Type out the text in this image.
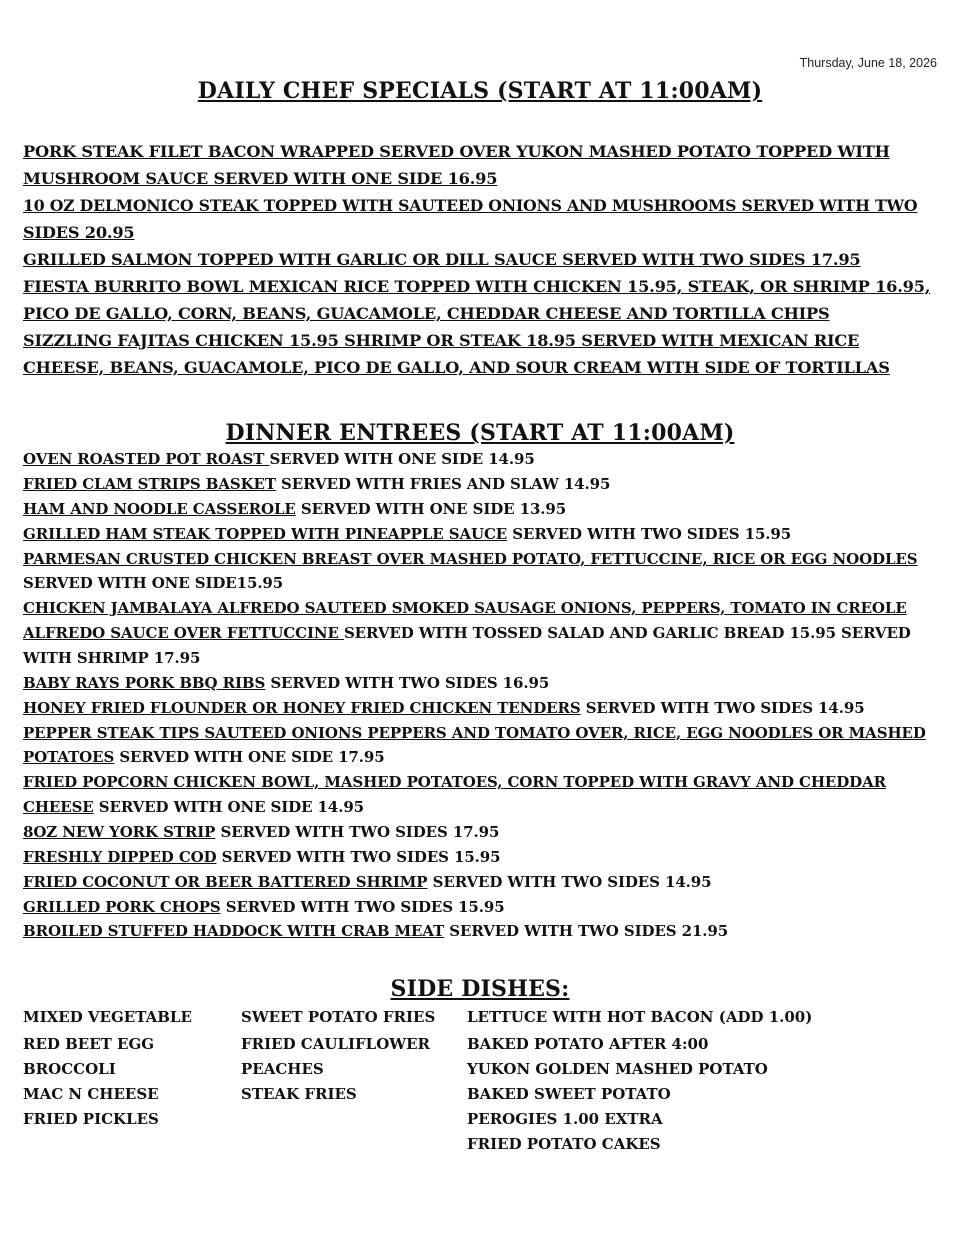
Thursday, June 18, 2026
DAILY CHEF SPECIALS (START AT 11:00AM)
PORK STEAK FILET BACON WRAPPED SERVED OVER YUKON MASHED POTATO TOPPED WITH
MUSHROOM SAUCE SERVED WITH ONE SIDE 16.95
10 OZ DELMONICO STEAK TOPPED WITH SAUTEED ONIONS AND MUSHROOMS SERVED WITH TWO
SIDES 20.95
GRILLED SALMON TOPPED WITH GARLIC OR DILL SAUCE SERVED WITH TWO SIDES 17.95
FIESTA BURRITO BOWL MEXICAN RICE TOPPED WITH CHICKEN 15.95, STEAK, OR SHRIMP 16.95,
PICO DE GALLO, CORN, BEANS, GUACAMOLE, CHEDDAR CHEESE AND TORTILLA CHIPS
SIZZLING FAJITAS CHICKEN 15.95 SHRIMP OR STEAK 18.95 SERVED WITH MEXICAN RICE
CHEESE, BEANS, GUACAMOLE, PICO DE GALLO, AND SOUR CREAM WITH SIDE OF TORTILLAS
DINNER ENTREES (START AT 11:00AM)
OVEN ROASTED POT ROAST SERVED WITH ONE SIDE 14.95
FRIED CLAM STRIPS BASKET SERVED WITH FRIES AND SLAW 14.95
HAM AND NOODLE CASSEROLE SERVED WITH ONE SIDE 13.95
GRILLED HAM STEAK TOPPED WITH PINEAPPLE SAUCE SERVED WITH TWO SIDES 15.95
PARMESAN CRUSTED CHICKEN BREAST OVER MASHED POTATO, FETTUCCINE, RICE OR EGG NOODLES
SERVED WITH ONE SIDE15.95
CHICKEN JAMBALAYA ALFREDO SAUTEED SMOKED SAUSAGE ONIONS, PEPPERS, TOMATO IN CREOLE
ALFREDO SAUCE OVER FETTUCCINE SERVED WITH TOSSED SALAD AND GARLIC BREAD 15.95 SERVED
WITH SHRIMP 17.95
BABY RAYS PORK BBQ RIBS SERVED WITH TWO SIDES 16.95
HONEY FRIED FLOUNDER OR HONEY FRIED CHICKEN TENDERS SERVED WITH TWO SIDES 14.95
PEPPER STEAK TIPS SAUTEED ONIONS PEPPERS AND TOMATO OVER, RICE, EGG NOODLES OR MASHED
POTATOES SERVED WITH ONE SIDE 17.95
FRIED POPCORN CHICKEN BOWL, MASHED POTATOES, CORN TOPPED WITH GRAVY AND CHEDDAR
CHEESE SERVED WITH ONE SIDE 14.95
8OZ NEW YORK STRIP SERVED WITH TWO SIDES 17.95
FRESHLY DIPPED COD SERVED WITH TWO SIDES 15.95
FRIED COCONUT OR BEER BATTERED SHRIMP SERVED WITH TWO SIDES 14.95
GRILLED PORK CHOPS SERVED WITH TWO SIDES 15.95
BROILED STUFFED HADDOCK WITH CRAB MEAT SERVED WITH TWO SIDES 21.95
SIDE DISHES:
MIXED VEGETABLE
RED BEET EGG
BROCCOLI
MAC N CHEESE
FRIED PICKLES
SWEET POTATO FRIES
FRIED CAULIFLOWER
PEACHES
STEAK FRIES
LETTUCE WITH HOT BACON (ADD 1.00)
BAKED POTATO AFTER 4:00
YUKON GOLDEN MASHED POTATO
BAKED SWEET POTATO
PEROGIES 1.00 EXTRA
FRIED POTATO CAKES
